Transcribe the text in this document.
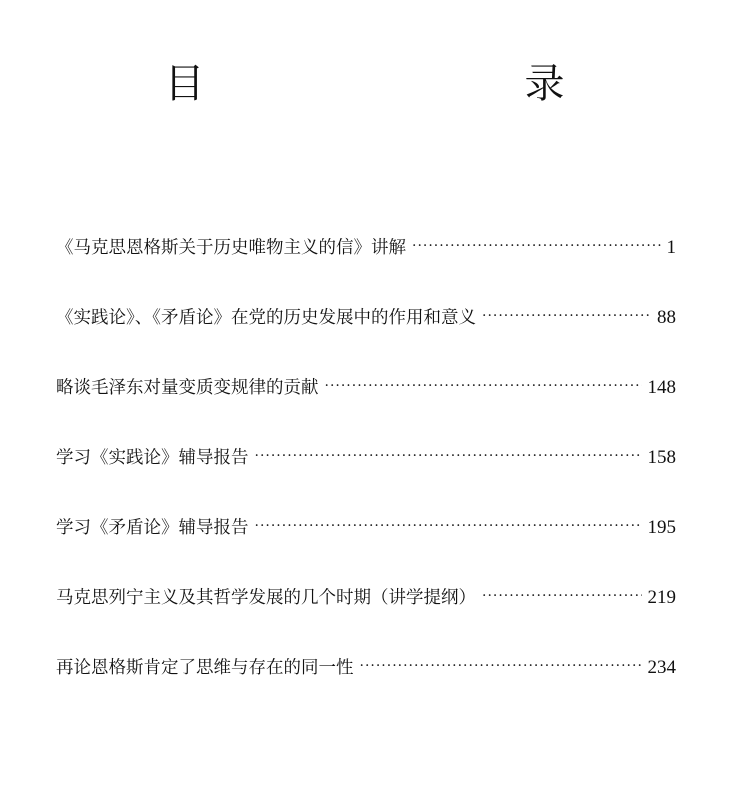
目　　录
《马克思恩格斯关于历史唯物主义的信》讲解 ·····	1
《实践论》、《矛盾论》在党的历史发展中的作用和意义 ·····	88
略谈毛泽东对量变质变规律的贡献 ·····	148
学习《实践论》辅导报告 ·····	158
学习《矛盾论》辅导报告 ·····	195
马克思列宁主义及其哲学发展的几个时期（讲学提纲） ·····	219
再论恩格斯肯定了思维与存在的同一性 ·····	234
